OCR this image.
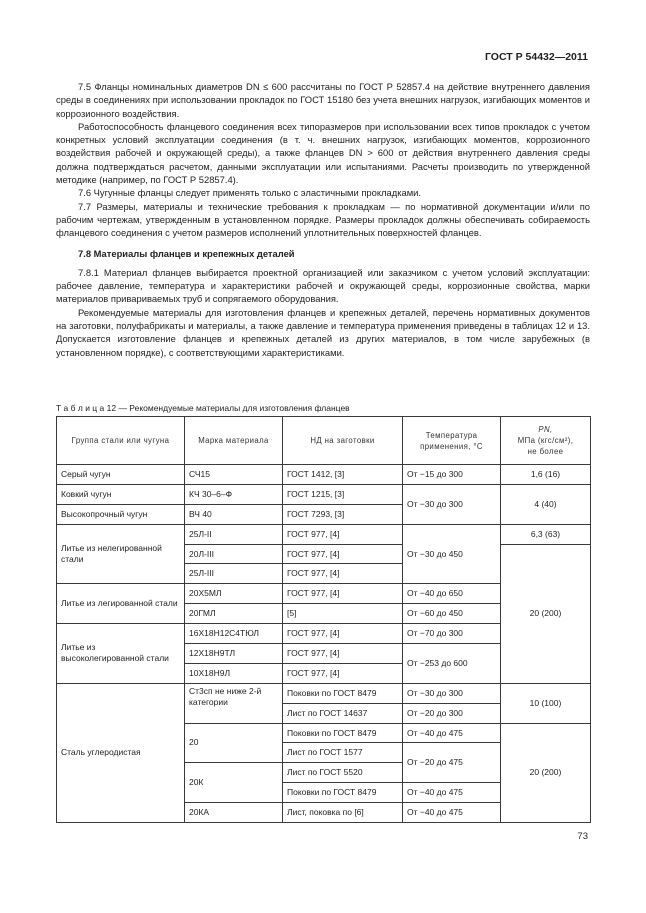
ГОСТ Р 54432—2011

7.5 Фланцы номинальных диаметров DN ≤ 600 рассчитаны по ГОСТ Р 52857.4 на действие внутреннего давления среды в соединениях при использовании прокладок по ГОСТ 15180 без учета внешних нагрузок, изгибающих моментов и коррозионного воздействия.

Работоспособность фланцевого соединения всех типоразмеров при использовании всех типов прокладок с учетом конкретных условий эксплуатации соединения (в т. ч. внешних нагрузок, изгибающих моментов, коррозионного воздействия рабочей и окружающей среды), а также фланцев DN > 600 от действия внутреннего давления среды должна подтверждаться расчетом, данными эксплуатации или испытаниями. Расчеты производить по утвержденной методике (например, по ГОСТ Р 52857.4).

7.6 Чугунные фланцы следует применять только с эластичными прокладками.

7.7 Размеры, материалы и технические требования к прокладкам — по нормативной документации и/или по рабочим чертежам, утвержденным в установленном порядке. Размеры прокладок должны обеспечивать собираемость фланцевого соединения с учетом размеров исполнений уплотнительных поверхностей фланцев.

7.8 Материалы фланцев и крепежных деталей

7.8.1 Материал фланцев выбирается проектной организацией или заказчиком с учетом условий эксплуатации: рабочее давление, температура и характеристики рабочей и окружающей среды, коррозионные свойства, марки материалов привариваемых труб и сопрягаемого оборудования.

Рекомендуемые материалы для изготовления фланцев и крепежных деталей, перечень нормативных документов на заготовки, полуфабрикаты и материалы, а также давление и температура применения приведены в таблицах 12 и 13. Допускается изготовление фланцев и крепежных деталей из других материалов, в том числе зарубежных (в установленном порядке), с соответствующими характеристиками.

Т а б л и ц а 12 — Рекомендуемые материалы для изготовления фланцев
Группа стали или чугуна	Марка материала	НД на заготовки	Температура применения, °С	PN,
МПа (кгс/см²),
не более
Серый чугун	СЧ15	ГОСТ 1412, [3]	От −15 до 300	1,6 (16)
Ковкий чугун	КЧ 30–6–Ф	ГОСТ 1215, [3]	От −30 до 300	4 (40)
Высокопрочный чугун	ВЧ 40	ГОСТ 7293, [3]		
Литье из нелегированной стали	25Л-II	ГОСТ 977, [4]	От −30 до 450	6,3 (63)
	20Л-III	ГОСТ 977, [4]		20 (200)
	25Л-III	ГОСТ 977, [4]		
Литье из легированной стали	20Х5МЛ	ГОСТ 977, [4]	От −40 до 650	
	20ГМЛ	[5]	От −60 до 450	
Литье из высоколегированной стали	16Х18Н12С4ТЮЛ	ГОСТ 977, [4]	От −70 до 300	
	12Х18Н9ТЛ	ГОСТ 977, [4]	От −253 до 600	
	10Х18Н9Л	ГОСТ 977, [4]		
Сталь углеродистая	Ст3сп не ниже 2-й категории	Поковки по ГОСТ 8479	От −30 до 300	10 (100)
		Лист по ГОСТ 14637	От −20 до 300	
	20	Поковки по ГОСТ 8479	От −40 до 475	20 (200)
		Лист по ГОСТ 1577	От −20 до 475	
	20К	Лист по ГОСТ 5520		
		Поковки по ГОСТ 8479	От −40 до 475	
	20КА	Лист, поковка по [6]	От −40 до 475	
73
